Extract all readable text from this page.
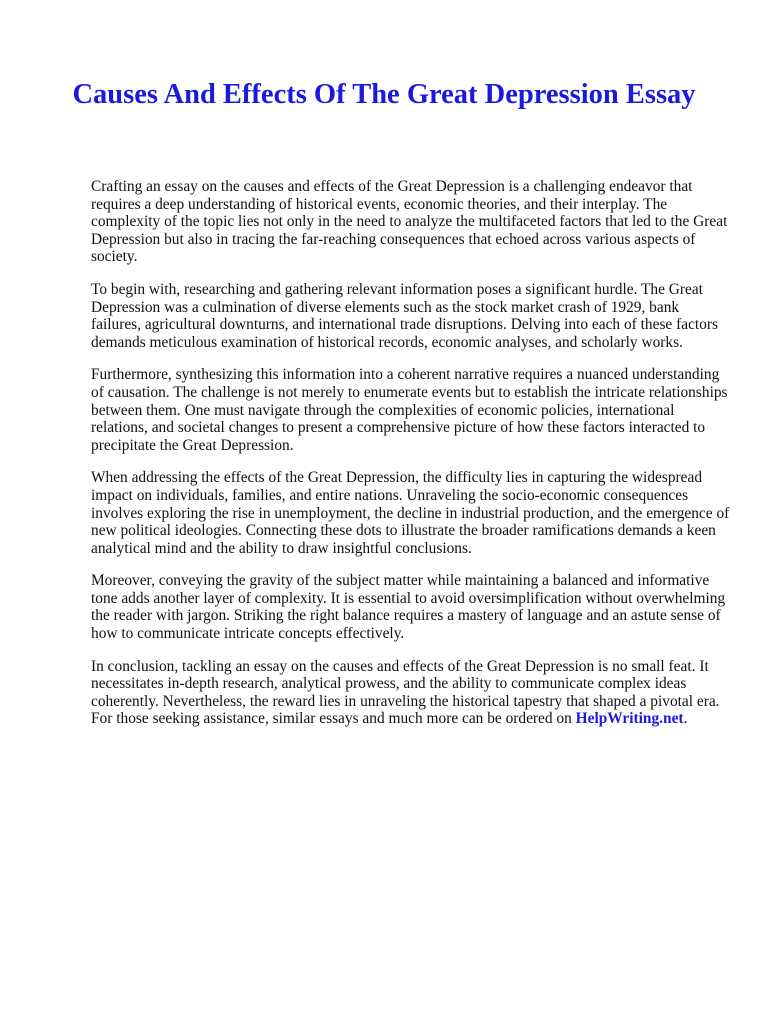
Causes And Effects Of The Great Depression Essay

Crafting an essay on the causes and effects of the Great Depression is a challenging endeavor that requires a deep understanding of historical events, economic theories, and their interplay. The complexity of the topic lies not only in the need to analyze the multifaceted factors that led to the Great Depression but also in tracing the far-reaching consequences that echoed across various aspects of society.

To begin with, researching and gathering relevant information poses a significant hurdle. The Great Depression was a culmination of diverse elements such as the stock market crash of 1929, bank failures, agricultural downturns, and international trade disruptions. Delving into each of these factors demands meticulous examination of historical records, economic analyses, and scholarly works.

Furthermore, synthesizing this information into a coherent narrative requires a nuanced understanding of causation. The challenge is not merely to enumerate events but to establish the intricate relationships between them. One must navigate through the complexities of economic policies, international relations, and societal changes to present a comprehensive picture of how these factors interacted to precipitate the Great Depression.

When addressing the effects of the Great Depression, the difficulty lies in capturing the widespread impact on individuals, families, and entire nations. Unraveling the socio-economic consequences involves exploring the rise in unemployment, the decline in industrial production, and the emergence of new political ideologies. Connecting these dots to illustrate the broader ramifications demands a keen analytical mind and the ability to draw insightful conclusions.

Moreover, conveying the gravity of the subject matter while maintaining a balanced and informative tone adds another layer of complexity. It is essential to avoid oversimplification without overwhelming the reader with jargon. Striking the right balance requires a mastery of language and an astute sense of how to communicate intricate concepts effectively.

In conclusion, tackling an essay on the causes and effects of the Great Depression is no small feat. It necessitates in-depth research, analytical prowess, and the ability to communicate complex ideas coherently. Nevertheless, the reward lies in unraveling the historical tapestry that shaped a pivotal era. For those seeking assistance, similar essays and much more can be ordered on HelpWriting.net.
